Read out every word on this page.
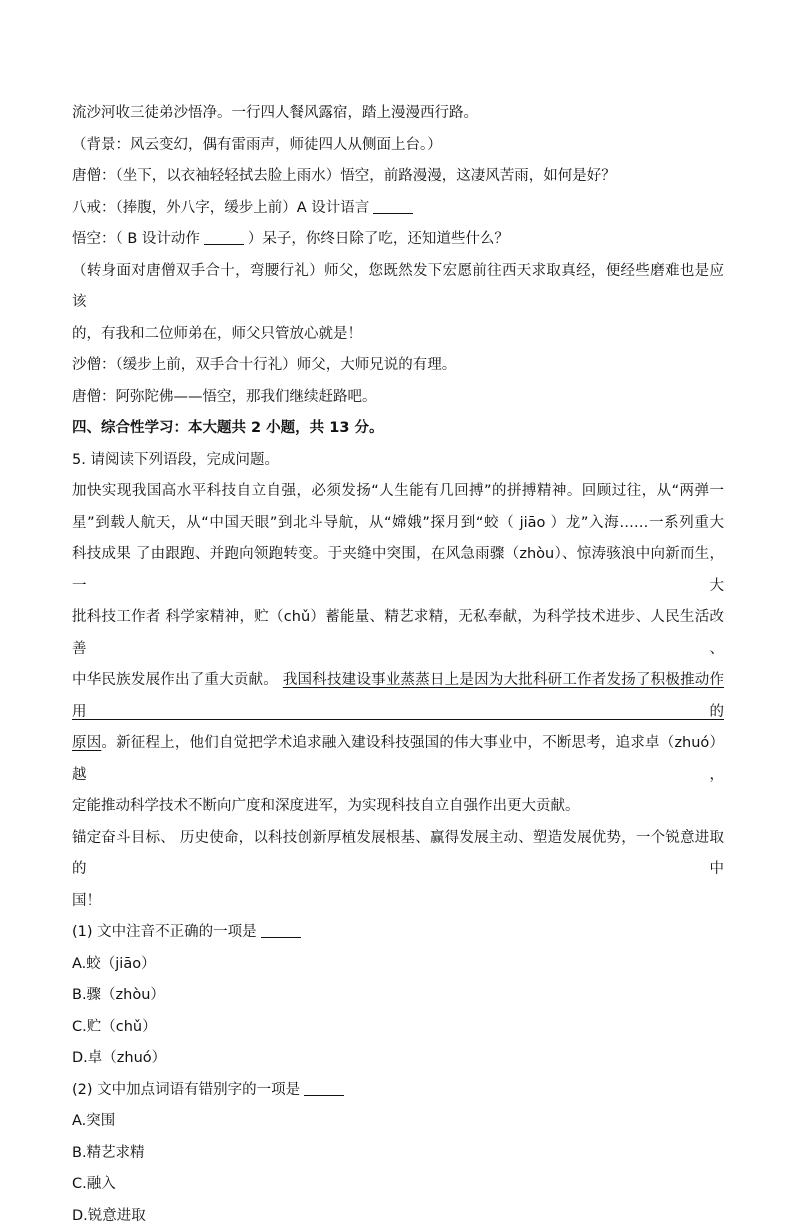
流沙河收三徒弟沙悟净。一行四人餐风露宿，踏上漫漫西行路。

（背景：风云变幻，偶有雷雨声，师徒四人从侧面上台。）

唐僧：（坐下，以衣袖轻轻拭去脸上雨水）悟空，前路漫漫，这凄风苦雨，如何是好？

八戒：（捧腹，外八字，缓步上前）A 设计语言

悟空：（ B 设计动作	）呆子，你终日除了吃，还知道些什么？

（转身面对唐僧双手合十，弯腰行礼）师父，您既然发下宏愿前往西天求取真经，便经些磨难也是应该

的，有我和二位师弟在，师父只管放心就是！

沙僧：（缓步上前，双手合十行礼）师父，大师兄说的有理。

唐僧：阿弥陀佛——悟空，那我们继续赶路吧。

四、综合性学习：本大题共 2 小题，共 13 分。

5. 请阅读下列语段，完成问题。

加快实现我国高水平科技自立自强，必须发扬“人生能有几回搏”的拼搏精神。回顾过往，从“两弹一

星”到载人航天，从“中国天眼”到北斗导航，从“嫦娥”探月到“蛟（ jiāo ）龙”入海……一系列重大

科技成果 了由跟跑、并跑向领跑转变。于夹缝中突围，在风急雨骤（zhòu）、惊涛骇浪中向新而生，一大

批科技工作者 科学家精神，贮（chǔ）蓄能量、精艺求精，无私奉献，为科学技术进步、人民生活改善、

中华民族发展作出了重大贡献。 我国科技建设事业蒸蒸日上是因为大批科研工作者发扬了积极推动作用的

原因。新征程上，他们自觉把学术追求融入建设科技强国的伟大事业中，不断思考，追求卓（zhuó）越，

定能推动科学技术不断向广度和深度进军，为实现科技自立自强作出更大贡献。

锚定奋斗目标、 历史使命，以科技创新厚植发展根基、赢得发展主动、塑造发展优势，一个锐意进取的中

国！

(1) 文中注音不正确的一项是

A.蛟（jiāo）

B.骤（zhòu）

C.贮（chǔ）

D.卓（zhuó）

(2) 文中加点词语有错别字的一项是

A.突围

B.精艺求精

C.融入

D.锐意进取
